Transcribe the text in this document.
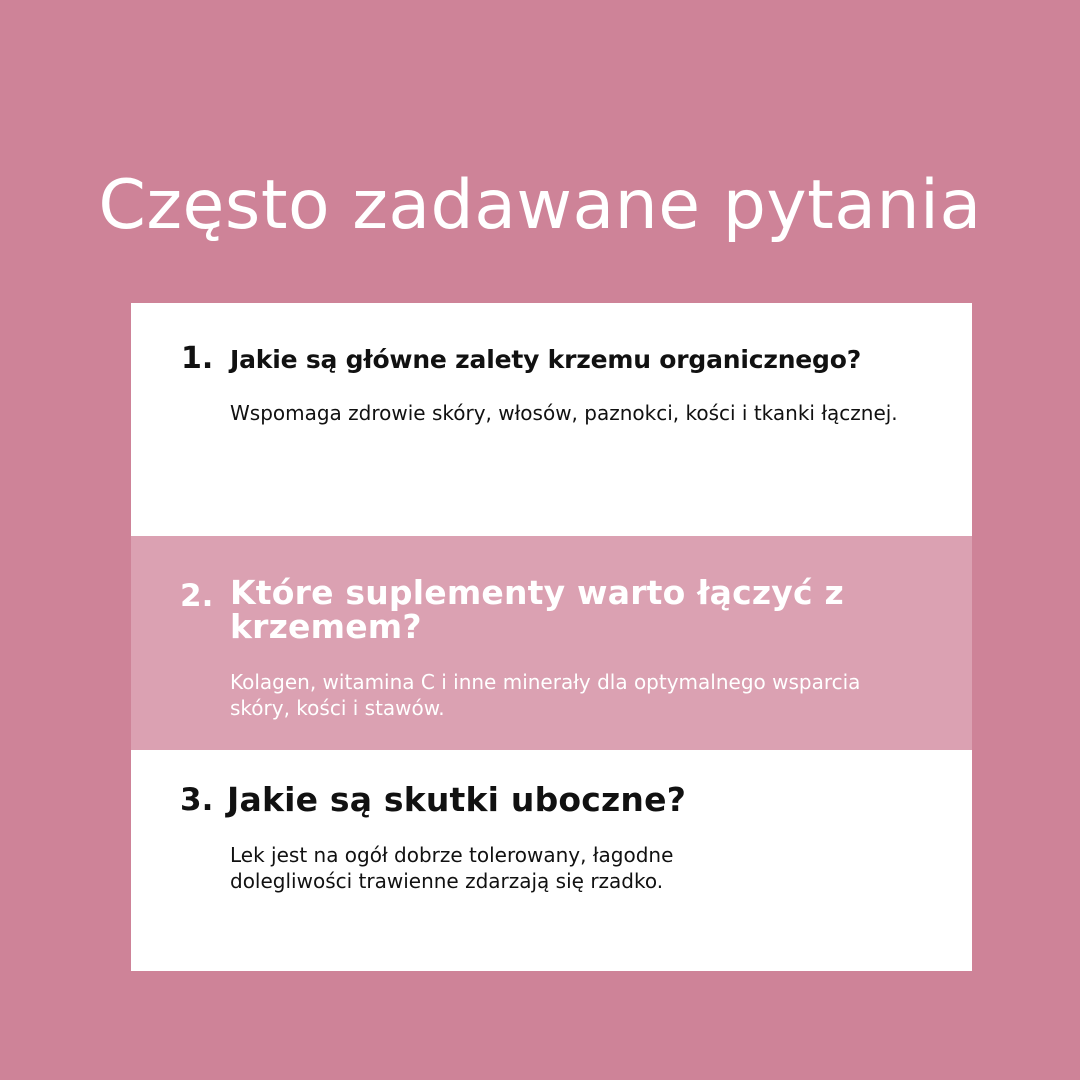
Często zadawane pytania
1. Jakie są główne zalety krzemu organicznego?

Wspomaga zdrowie skóry, włosów, paznokci, kości i tkanki łącznej.

2. Które suplementy warto łączyć z krzemem?

Kolagen, witamina C i inne minerały dla optymalnego wsparcia skóry, kości i stawów.

3. Jakie są skutki uboczne?

Lek jest na ogół dobrze tolerowany, łagodne dolegliwości trawienne zdarzają się rzadko.
